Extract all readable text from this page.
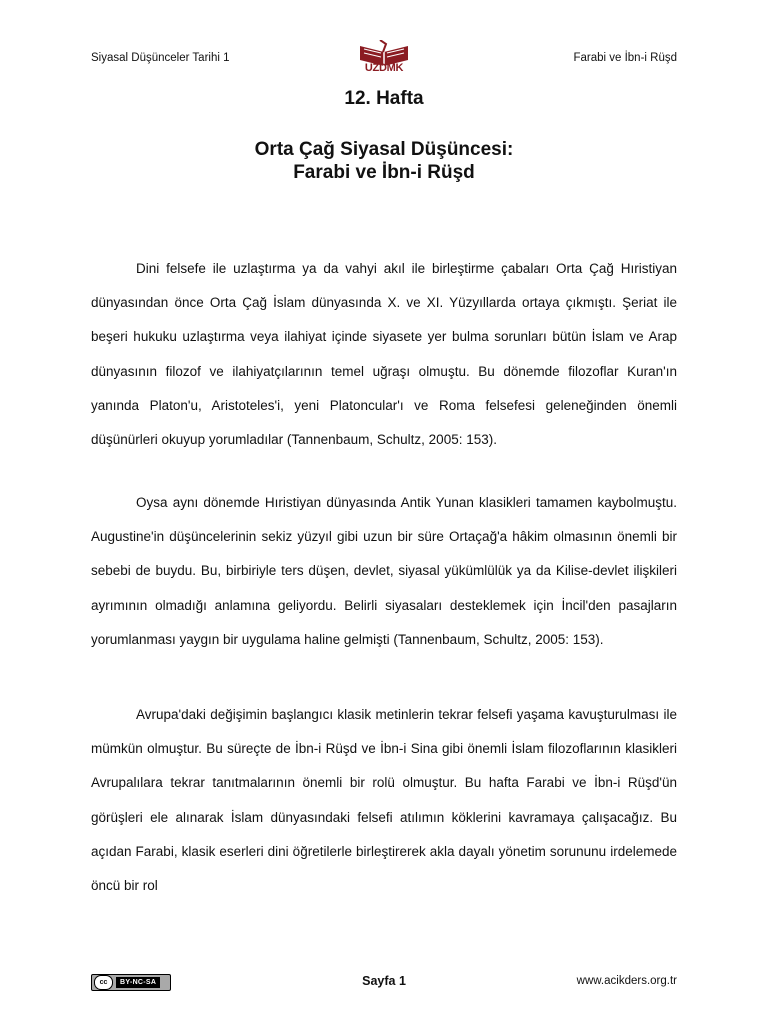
Siyasal Düşünceler Tarihi 1
UZDMK
Farabi ve İbn-i Rüşd
12. Hafta
Orta Çağ Siyasal Düşüncesi:
Farabi ve İbn-i Rüşd

Dini felsefe ile uzlaştırma ya da vahyi akıl ile birleştirme çabaları Orta Çağ Hıristiyan dünyasından önce Orta Çağ İslam dünyasında X. ve XI. Yüzyıllarda ortaya çıkmıştı. Şeriat ile beşeri hukuku uzlaştırma veya ilahiyat içinde siyasete yer bulma sorunları bütün İslam ve Arap dünyasının filozof ve ilahiyatçılarının temel uğraşı olmuştu. Bu dönemde filozoflar Kuran'ın yanında Platon'u, Aristoteles'i, yeni Platoncular'ı ve Roma felsefesi geleneğinden önemli düşünürleri okuyup yorumladılar (Tannenbaum, Schultz, 2005: 153).

Oysa aynı dönemde Hıristiyan dünyasında Antik Yunan klasikleri tamamen kaybolmuştu. Augustine'in düşüncelerinin sekiz yüzyıl gibi uzun bir süre Ortaçağ'a hâkim olmasının önemli bir sebebi de buydu. Bu, birbiriyle ters düşen, devlet, siyasal yükümlülük ya da Kilise-devlet ilişkileri ayrımının olmadığı anlamına geliyordu. Belirli siyasaları desteklemek için İncil'den pasajların yorumlanması yaygın bir uygulama haline gelmişti (Tannenbaum, Schultz, 2005: 153).

Avrupa'daki değişimin başlangıcı klasik metinlerin tekrar felsefi yaşama kavuşturulması ile mümkün olmuştur. Bu süreçte de İbn-i Rüşd ve İbn-i Sina gibi önemli İslam filozoflarının klasikleri Avrupalılara tekrar tanıtmalarının önemli bir rolü olmuştur. Bu hafta Farabi ve İbn-i Rüşd'ün görüşleri ele alınarak İslam dünyasındaki felsefi atılımın köklerini kavramaya çalışacağız. Bu açıdan Farabi, klasik eserleri dini öğretilerle birleştirerek akla dayalı yönetim sorununu irdelemede öncü bir rol

cc	BY-NC-SA	Sayfa 1	www.acikders.org.tr
